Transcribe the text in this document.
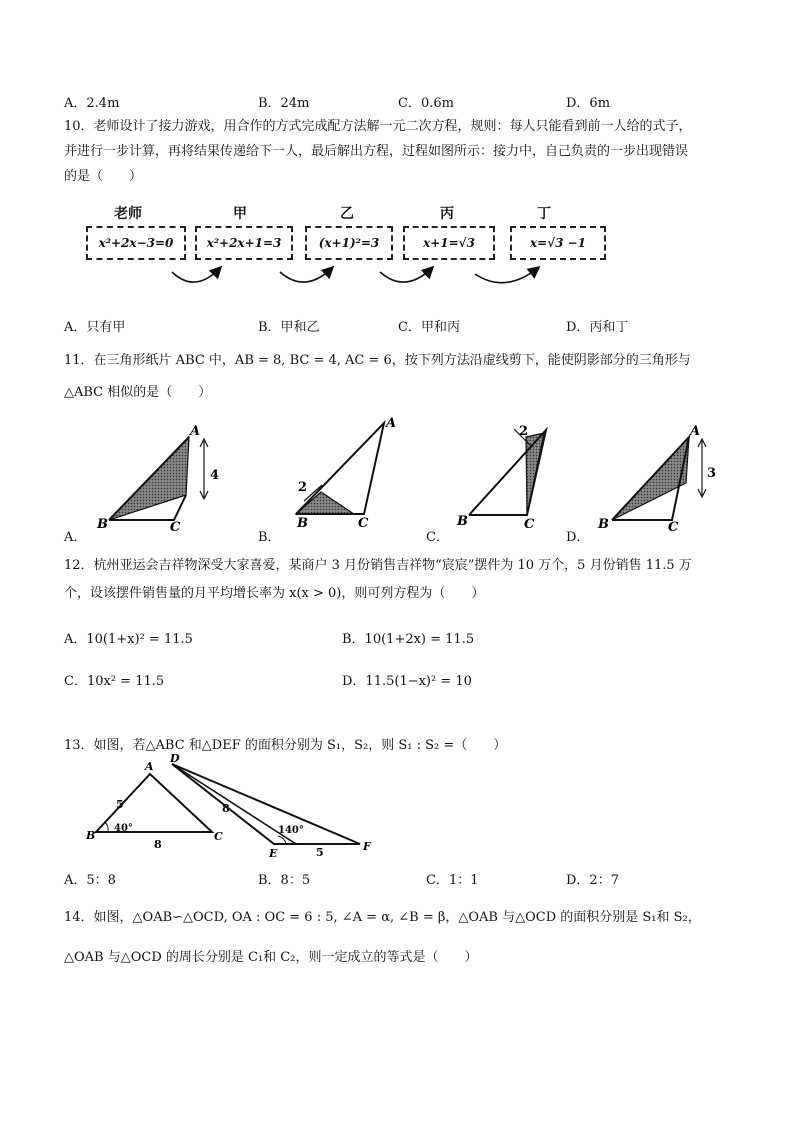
A．2.4m	B．24m	C．0.6m	D．6m
10．老师设计了接力游戏，用合作的方式完成配方法解一元二次方程，规则：每人只能看到前一人给的式子，
并进行一步计算，再将结果传递给下一人，最后解出方程，过程如图所示：接力中，自己负责的一步出现错误
的是（　　）
老师	甲	乙	丙	丁
x²+2x−3=0	x²+2x+1=3	(x+1)²=3	x+1=√3	x=√3 −1
A．只有甲	B．甲和乙	C．甲和丙	D．丙和丁
11．在三角形纸片 ABC 中，AB = 8, BC = 4, AC = 6，按下列方法沿虚线剪下，能使阴影部分的三角形与
△ABC 相似的是（　　）
A
B	C
4
A
B	C
2
2
B	C
A
B	C
3
A．	B．	C．	D．
12．杭州亚运会吉祥物深受大家喜爱，某商户 3 月份销售吉祥物“宸宸”摆件为 10 万个，5 月份销售 11.5 万
个，设该摆件销售量的月平均增长率为 x(x > 0)，则可列方程为（　　）
A．10(1+x)² = 11.5	B．10(1+2x) = 11.5
C．10x² = 11.5	D．11.5(1−x)² = 10
13．如图，若△ABC 和△DEF 的面积分别为 S₁，S₂，则 S₁ : S₂ =（　　）
A
B	C
D
E
F
5
8
8
5
40°	140°
A．5：8	B．8：5	C．1：1	D．2：7
14．如图，△OAB∽△OCD, OA : OC = 6 : 5, ∠A = α, ∠B = β，△OAB 与△OCD 的面积分别是 S₁和 S₂，
△OAB 与△OCD 的周长分别是 C₁和 C₂，则一定成立的等式是（　　）
